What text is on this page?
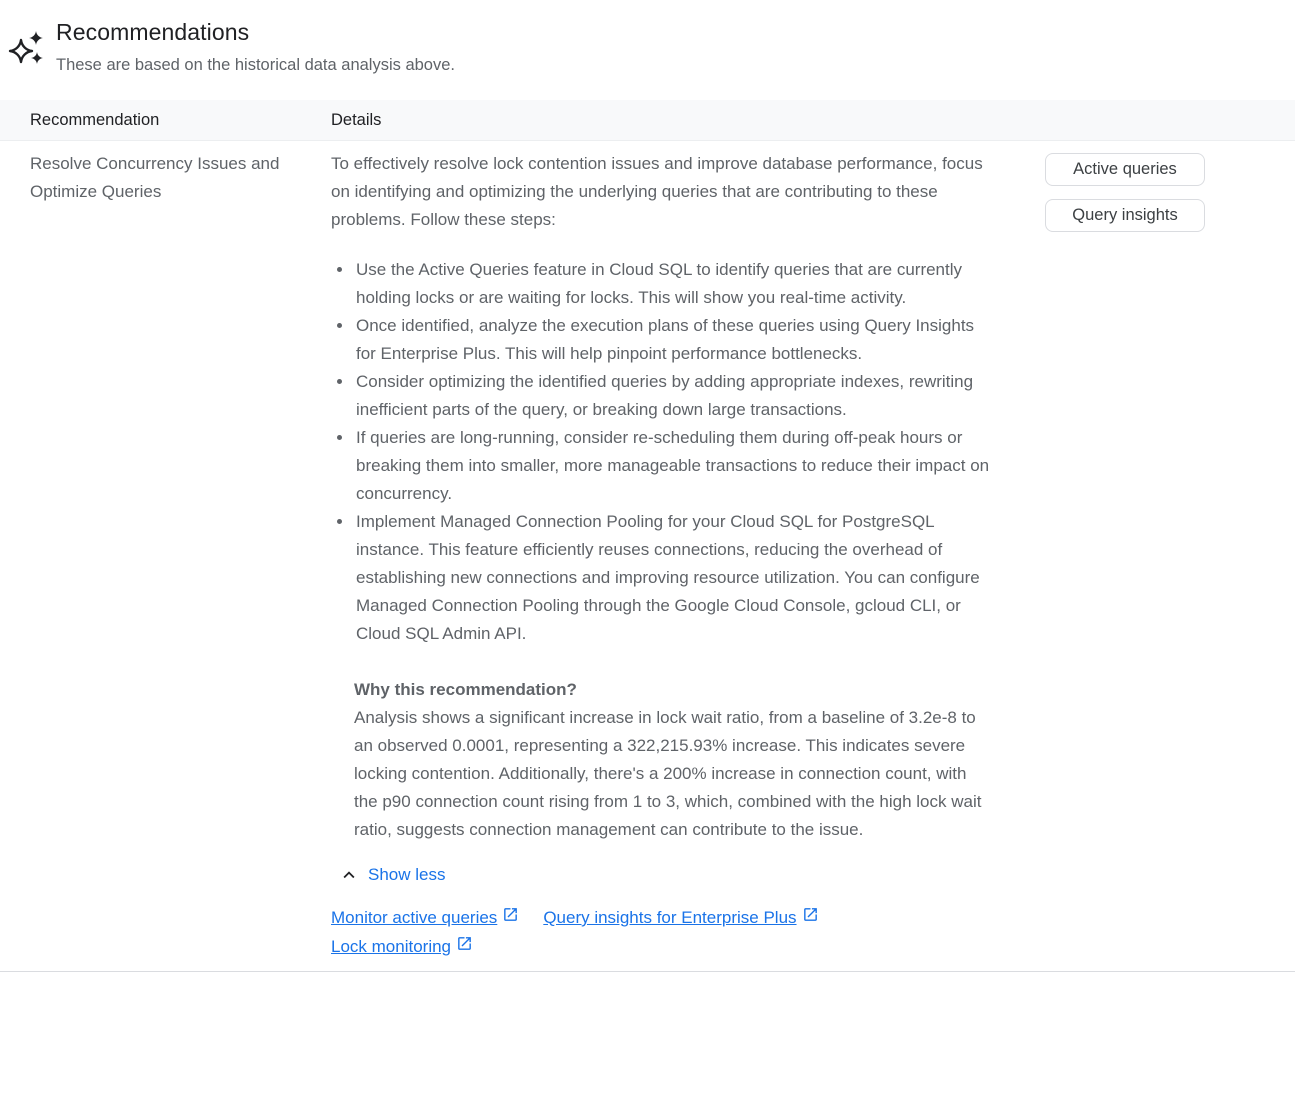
Recommendations

These are based on the historical data analysis above.

Recommendation	Details

Resolve Concurrency Issues and Optimize Queries

To effectively resolve lock contention issues and improve database performance, focus on identifying and optimizing the underlying queries that are contributing to these problems. Follow these steps:

• Use the Active Queries feature in Cloud SQL to identify queries that are currently holding locks or are waiting for locks. This will show you real-time activity.
• Once identified, analyze the execution plans of these queries using Query Insights for Enterprise Plus. This will help pinpoint performance bottlenecks.
• Consider optimizing the identified queries by adding appropriate indexes, rewriting inefficient parts of the query, or breaking down large transactions.
• If queries are long-running, consider re-scheduling them during off-peak hours or breaking them into smaller, more manageable transactions to reduce their impact on concurrency.
• Implement Managed Connection Pooling for your Cloud SQL for PostgreSQL instance. This feature efficiently reuses connections, reducing the overhead of establishing new connections and improving resource utilization. You can configure Managed Connection Pooling through the Google Cloud Console, gcloud CLI, or Cloud SQL Admin API.
Why this recommendation?

Analysis shows a significant increase in lock wait ratio, from a baseline of 3.2e-8 to an observed 0.0001, representing a 322,215.93% increase. This indicates severe locking contention. Additionally, there's a 200% increase in connection count, with the p90 connection count rising from 1 to 3, which, combined with the high lock wait ratio, suggests connection management can contribute to the issue.

Show less
Monitor active queries	Query insights for Enterprise Plus
Lock monitoring
Active queries
Query insights
